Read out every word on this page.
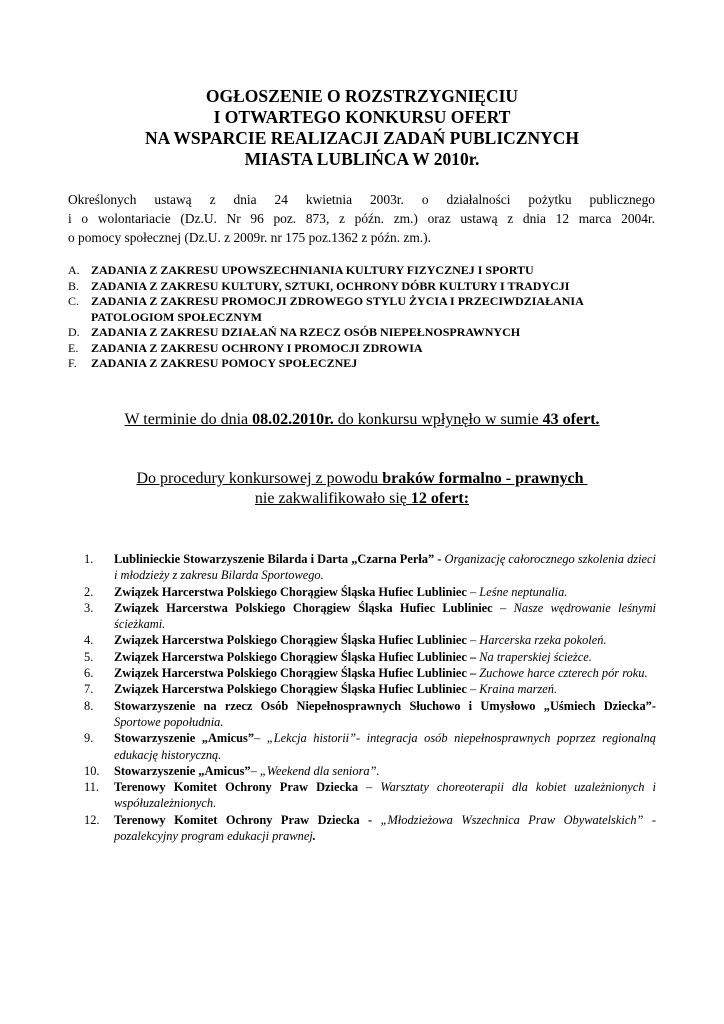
OGŁOSZENIE O ROZSTRZYGNIĘCIU
I OTWARTEGO KONKURSU OFERT
NA WSPARCIE REALIZACJI ZADAŃ PUBLICZNYCH
MIASTA LUBLIŃCA W 2010r.
Określonych ustawą z dnia 24 kwietnia 2003r. o działalności pożytku publicznego
i o wolontariacie (Dz.U. Nr 96 poz. 873, z późn. zm.) oraz ustawą z dnia 12 marca 2004r.
o pomocy społecznej (Dz.U. z 2009r. nr 175 poz.1362 z późn. zm.).
A. ZADANIA Z ZAKRESU UPOWSZECHNIANIA KULTURY FIZYCZNEJ I SPORTU
B. ZADANIA Z ZAKRESU KULTURY, SZTUKI, OCHRONY DÓBR KULTURY I TRADYCJI
C. ZADANIA Z ZAKRESU PROMOCJI ZDROWEGO STYLU ŻYCIA I PRZECIWDZIAŁANIA PATOLOGIOM SPOŁECZNYM
D. ZADANIA Z ZAKRESU DZIAŁAŃ NA RZECZ OSÓB NIEPEŁNOSPRAWNYCH
E.	ZADANIA Z ZAKRESU OCHRONY I PROMOCJI ZDROWIA
F.	ZADANIA Z ZAKRESU POMOCY SPOŁECZNEJ
W terminie do dnia 08.02.2010r. do konkursu wpłynęło w sumie 43 ofert.
Do procedury konkursowej z powodu braków formalno - prawnych
nie zakwalifikowało się 12 ofert:
1.	Lublinieckie Stowarzyszenie Bilarda i Darta „Czarna Perła” - Organizację całorocznego szkolenia dzieci i młodzieży z zakresu Bilarda Sportowego.
2.	Związek Harcerstwa Polskiego Chorągiew Śląska Hufiec Lubliniec – Leśne neptunalia.
3.	Związek Harcerstwa Polskiego Chorągiew Śląska Hufiec Lubliniec – Nasze wędrowanie leśnymi ścieżkami.
4.	Związek Harcerstwa Polskiego Chorągiew Śląska Hufiec Lubliniec – Harcerska rzeka pokoleń.
5.	Związek Harcerstwa Polskiego Chorągiew Śląska Hufiec Lubliniec – Na traperskiej ścieżce.
6.	Związek Harcerstwa Polskiego Chorągiew Śląska Hufiec Lubliniec – Zuchowe harce czterech pór roku.
7.	Związek Harcerstwa Polskiego Chorągiew Śląska Hufiec Lubliniec – Kraina marzeń.
8.	Stowarzyszenie na rzecz Osób Niepełnosprawnych Słuchowo i Umysłowo „Uśmiech Dziecka”- Sportowe popołudnia.
9.	Stowarzyszenie „Amicus”– „Lekcja historii”- integracja osób niepełnosprawnych poprzez regionalną edukację historyczną.
10.	Stowarzyszenie „Amicus”– „Weekend dla seniora”.
11.	Terenowy Komitet Ochrony Praw Dziecka – Warsztaty choreoterapii dla kobiet uzależnionych i współuzależnionych.
12.	Terenowy Komitet Ochrony Praw Dziecka - „Młodzieżowa Wszechnica Praw Obywatelskich” - pozalekcyjny program edukacji prawnej.
